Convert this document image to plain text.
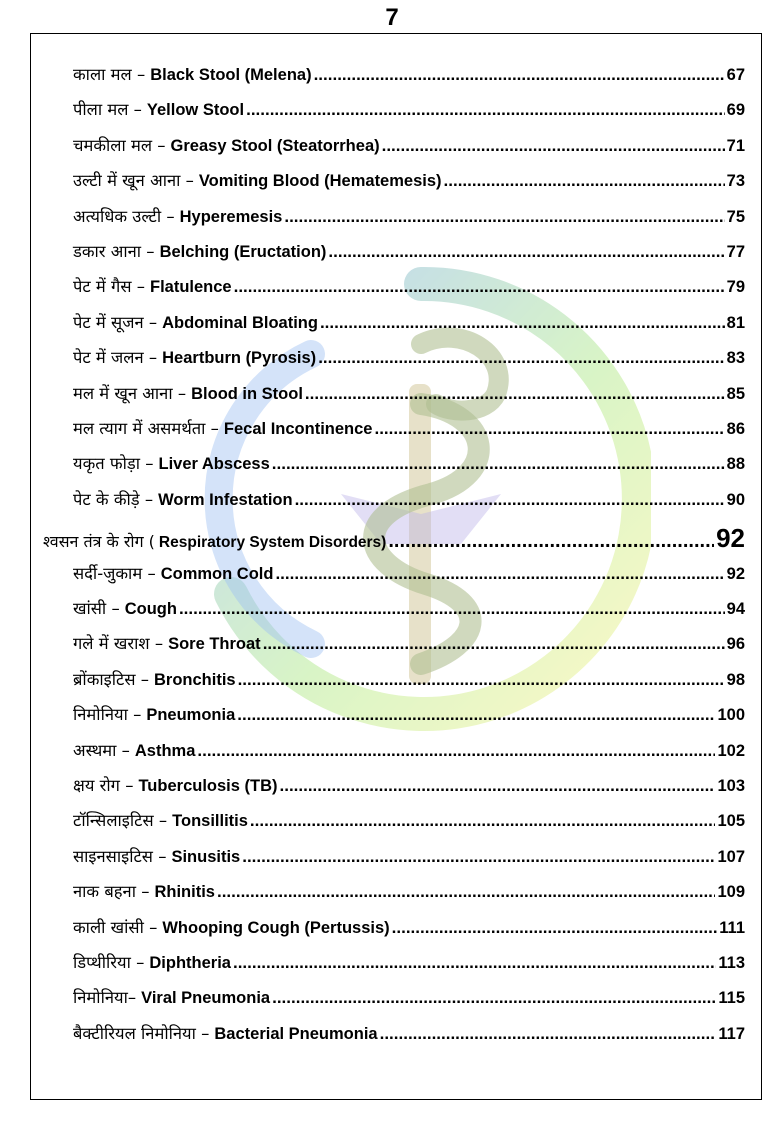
7
काला मल – Black Stool (Melena) .....	67
पीला मल – Yellow Stool .....	69
चमकीला मल – Greasy Stool (Steatorrhea) .....	71
उल्टी में खून आना – Vomiting Blood (Hematemesis) .....	73
अत्यधिक उल्टी – Hyperemesis .....	75
डकार आना – Belching (Eructation) .....	77
पेट में गैस – Flatulence .....	79
पेट में सूजन – Abdominal Bloating .....	81
पेट में जलन – Heartburn (Pyrosis) .....	83
मल में खून आना – Blood in Stool .....	85
मल त्याग में असमर्थता – Fecal Incontinence .....	86
यकृत फोड़ा – Liver Abscess .....	88
पेट के कीड़े – Worm Infestation .....	90
श्वसन तंत्र के रोग ( Respiratory System Disorders) .....	92
सर्दी-जुकाम – Common Cold .....	92
खांसी – Cough .....	94
गले में खराश – Sore Throat .....	96
ब्रोंकाइटिस – Bronchitis .....	98
निमोनिया – Pneumonia .....	100
अस्थमा – Asthma .....	102
क्षय रोग – Tuberculosis (TB) .....	103
टॉन्सिलाइटिस – Tonsillitis .....	105
साइनसाइटिस – Sinusitis .....	107
नाक बहना – Rhinitis .....	109
काली खांसी – Whooping Cough (Pertussis) .....	111
डिप्थीरिया – Diphtheria .....	113
निमोनिया– Viral Pneumonia .....	115
बैक्टीरियल निमोनिया – Bacterial Pneumonia .....	117
